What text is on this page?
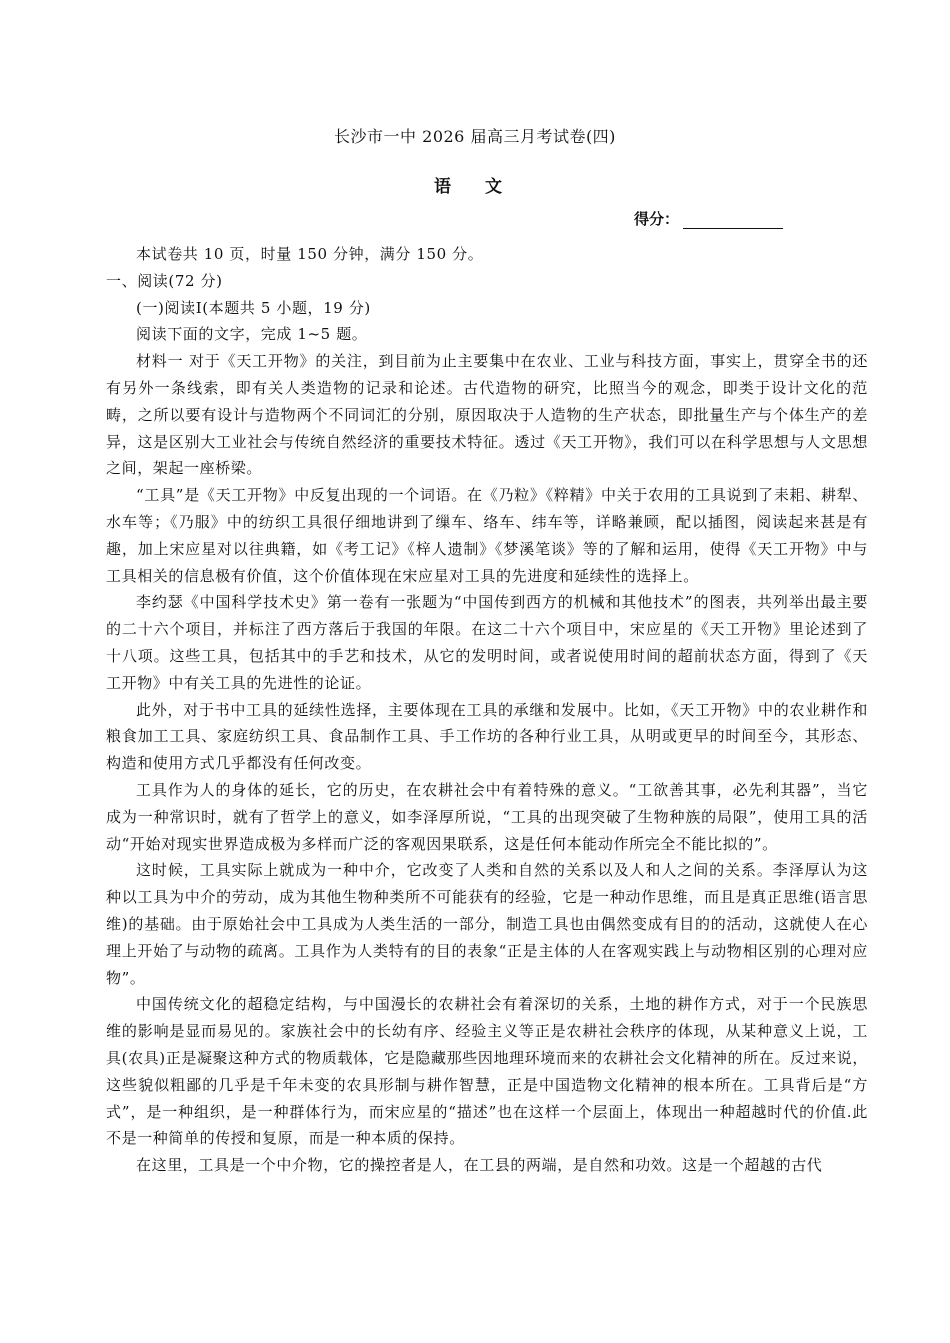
长沙市一中 2026 届高三月考试卷(四)
语 文
得分：

本试卷共 10 页，时量 150 分钟，满分 150 分。

一、阅读(72 分)

(一)阅读Ⅰ(本题共 5 小题，19 分)

阅读下面的文字，完成 1~5 题。

材料一 对于《天工开物》的关注，到目前为止主要集中在农业、工业与科技方面，事实上，贯穿全书的还有另外一条线索，即有关人类造物的记录和论述。古代造物的研究，比照当今的观念，即类于设计文化的范畴，之所以要有设计与造物两个不同词汇的分别，原因取决于人造物的生产状态，即批量生产与个体生产的差异，这是区别大工业社会与传统自然经济的重要技术特征。透过《天工开物》，我们可以在科学思想与人文思想之间，架起一座桥梁。

“工具”是《天工开物》中反复出现的一个词语。在《乃粒》《粹精》中关于农用的工具说到了耒耜、耕犁、水车等；《乃服》中的纺织工具很仔细地讲到了缫车、络车、纬车等，详略兼顾，配以插图，阅读起来甚是有趣，加上宋应星对以往典籍，如《考工记》《梓人遗制》《梦溪笔谈》等的了解和运用，使得《天工开物》中与工具相关的信息极有价值，这个价值体现在宋应星对工具的先进度和延续性的选择上。

李约瑟《中国科学技术史》第一卷有一张题为“中国传到西方的机械和其他技术”的图表，共列举出最主要的二十六个项目，并标注了西方落后于我国的年限。在这二十六个项目中，宋应星的《天工开物》里论述到了十八项。这些工具，包括其中的手艺和技术，从它的发明时间，或者说使用时间的超前状态方面，得到了《天工开物》中有关工具的先进性的论证。

此外，对于书中工具的延续性选择，主要体现在工具的承继和发展中。比如，《天工开物》中的农业耕作和粮食加工工具、家庭纺织工具、食品制作工具、手工作坊的各种行业工具，从明或更早的时间至今，其形态、构造和使用方式几乎都没有任何改变。

工具作为人的身体的延长，它的历史，在农耕社会中有着特殊的意义。“工欲善其事，必先利其器”，当它成为一种常识时，就有了哲学上的意义，如李泽厚所说，“工具的出现突破了生物种族的局限”，使用工具的活动“开始对现实世界造成极为多样而广泛的客观因果联系，这是任何本能动作所完全不能比拟的”。

这时候，工具实际上就成为一种中介，它改变了人类和自然的关系以及人和人之间的关系。李泽厚认为这种以工具为中介的劳动，成为其他生物种类所不可能获有的经验，它是一种动作思维，而且是真正思维(语言思维)的基础。由于原始社会中工具成为人类生活的一部分，制造工具也由偶然变成有目的的活动，这就使人在心理上开始了与动物的疏离。工具作为人类特有的目的表象“正是主体的人在客观实践上与动物相区别的心理对应物”。

中国传统文化的超稳定结构，与中国漫长的农耕社会有着深切的关系，土地的耕作方式，对于一个民族思维的影响是显而易见的。家族社会中的长幼有序、经验主义等正是农耕社会秩序的体现，从某种意义上说，工具(农具)正是凝聚这种方式的物质载体，它是隐藏那些因地理环境而来的农耕社会文化精神的所在。反过来说，这些貌似粗鄙的几乎是千年未变的农具形制与耕作智慧，正是中国造物文化精神的根本所在。工具背后是“方式”，是一种组织，是一种群体行为，而宋应星的“描述”也在这样一个层面上，体现出一种超越时代的价值.此不是一种简单的传授和复原，而是一种本质的保持。

在这里，工具是一个中介物，它的操控者是人，在工县的两端，是自然和功效。这是一个超越的古代
